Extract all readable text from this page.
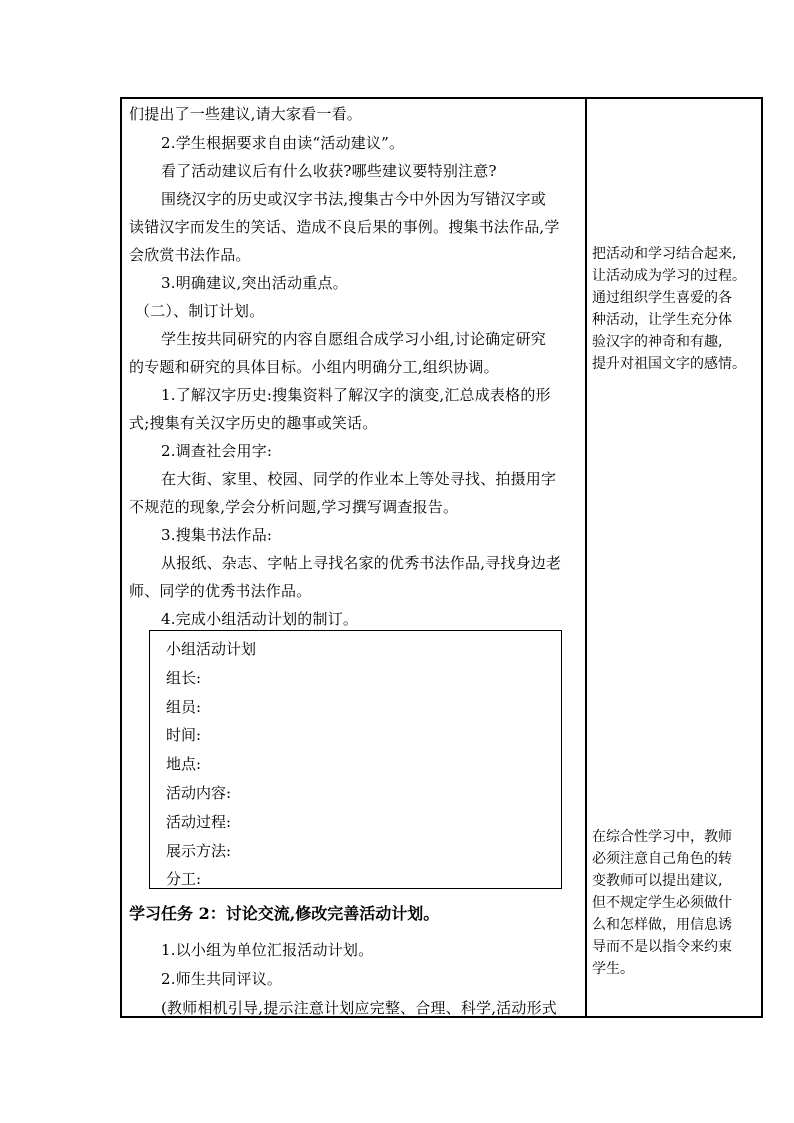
们提出了一些建议,请大家看一看。
2.学生根据要求自由读“活动建议”。
看了活动建议后有什么收获?哪些建议要特别注意?
围绕汉字的历史或汉字书法,搜集古今中外因为写错汉字或
读错汉字而发生的笑话、造成不良后果的事例。搜集书法作品,学
会欣赏书法作品。
3.明确建议,突出活动重点。
（二）、制订计划。
学生按共同研究的内容自愿组合成学习小组,讨论确定研究
的专题和研究的具体目标。小组内明确分工,组织协调。
1.了解汉字历史:搜集资料了解汉字的演变,汇总成表格的形
式;搜集有关汉字历史的趣事或笑话。
2.调查社会用字:
在大街、家里、校园、同学的作业本上等处寻找、拍摄用字
不规范的现象,学会分析问题,学习撰写调查报告。
3.搜集书法作品:
从报纸、杂志、字帖上寻找名家的优秀书法作品,寻找身边老
师、同学的优秀书法作品。
4.完成小组活动计划的制订。
小组活动计划
组长:
组员:
时间:
地点:
活动内容:
活动过程:
展示方法:
分工:
学习任务 2：讨论交流,修改完善活动计划。
1.以小组为单位汇报活动计划。
2.师生共同评议。
(教师相机引导,提示注意计划应完整、合理、科学,活动形式
把活动和学习结合起来,
让活动成为学习的过程。
通过组织学生喜爱的各
种活动，让学生充分体
验汉字的神奇和有趣,
提升对祖国文字的感情。
在综合性学习中，教师
必须注意自己角色的转
变教师可以提出建议,
但不规定学生必须做什
么和怎样做，用信息诱
导而不是以指令来约束
学生。
